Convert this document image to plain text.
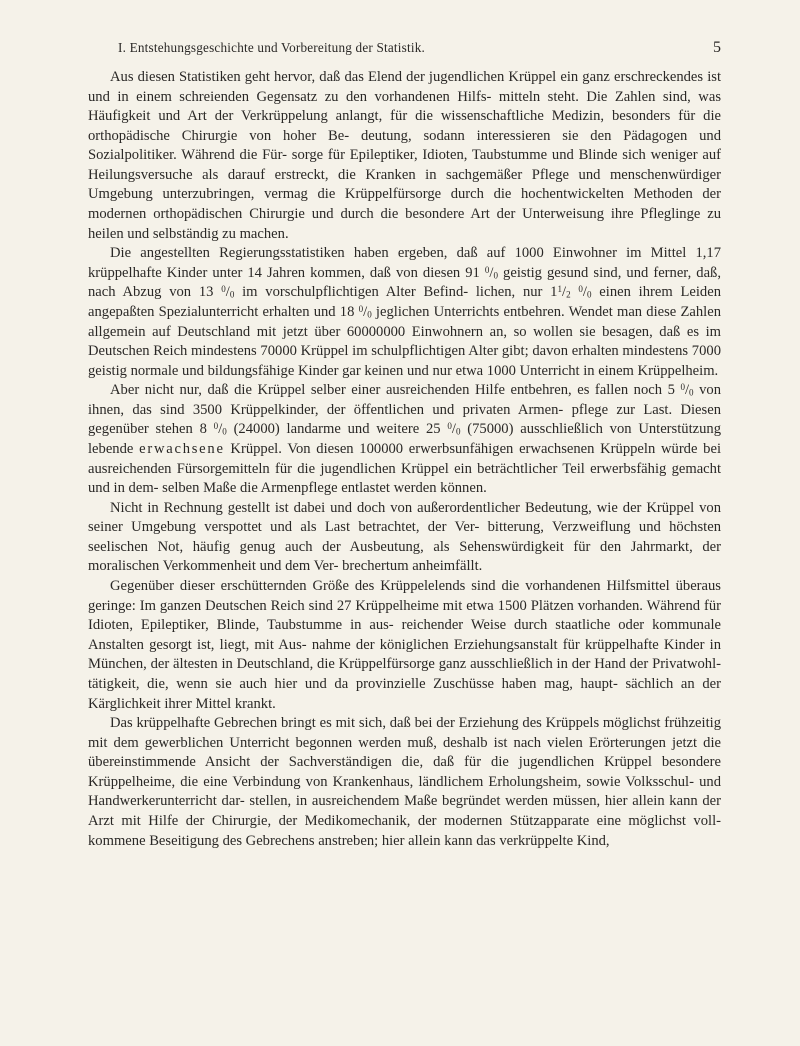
I. Entstehungsgeschichte und Vorbereitung der Statistik.	5

Aus diesen Statistiken geht hervor, daß das Elend der jugendlichen Krüppel ein ganz erschreckendes ist und in einem schreienden Gegensatz zu den vorhandenen Hilfs- mitteln steht. Die Zahlen sind, was Häufigkeit und Art der Verkrüppelung anlangt, für die wissenschaftliche Medizin, besonders für die orthopädische Chirurgie von hoher Be- deutung, sodann interessieren sie den Pädagogen und Sozialpolitiker. Während die Für- sorge für Epileptiker, Idioten, Taubstumme und Blinde sich weniger auf Heilungsversuche als darauf erstreckt, die Kranken in sachgemäßer Pflege und menschenwürdiger Umgebung unterzubringen, vermag die Krüppelfürsorge durch die hochentwickelten Methoden der modernen orthopädischen Chirurgie und durch die besondere Art der Unterweisung ihre Pfleglinge zu heilen und selbständig zu machen.

Die angestellten Regierungsstatistiken haben ergeben, daß auf 1000 Einwohner im Mittel 1,17 krüppelhafte Kinder unter 14 Jahren kommen, daß von diesen 91 $^0/_0$ geistig gesund sind, und ferner, daß, nach Abzug von 13 $^0/_0$ im vorschulpflichtigen Alter Befind- lichen, nur $1^1/_2$ $^0/_0$ einen ihrem Leiden angepaßten Spezialunterricht erhalten und 18 $^0/_0$ jeglichen Unterrichts entbehren. Wendet man diese Zahlen allgemein auf Deutschland mit jetzt über 60000000 Einwohnern an, so wollen sie besagen, daß es im Deutschen Reich mindestens 70000 Krüppel im schulpflichtigen Alter gibt; davon erhalten mindestens 7000 geistig normale und bildungsfähige Kinder gar keinen und nur etwa 1000 Unterricht in einem Krüppelheim.

Aber nicht nur, daß die Krüppel selber einer ausreichenden Hilfe entbehren, es fallen noch 5 $^0/_0$ von ihnen, das sind 3500 Krüppelkinder, der öffentlichen und privaten Armen- pflege zur Last. Diesen gegenüber stehen 8 $^0/_0$ (24000) landarme und weitere 25 $^0/_0$ (75000) ausschließlich von Unterstützung lebende erwachsene Krüppel. Von diesen 100000 erwerbsunfähigen erwachsenen Krüppeln würde bei ausreichenden Fürsorgemitteln für die jugendlichen Krüppel ein beträchtlicher Teil erwerbsfähig gemacht und in dem- selben Maße die Armenpflege entlastet werden können.

Nicht in Rechnung gestellt ist dabei und doch von außerordentlicher Bedeutung, wie der Krüppel von seiner Umgebung verspottet und als Last betrachtet, der Ver- bitterung, Verzweiflung und höchsten seelischen Not, häufig genug auch der Ausbeutung, als Sehenswürdigkeit für den Jahrmarkt, der moralischen Verkommenheit und dem Ver- brechertum anheimfällt.

Gegenüber dieser erschütternden Größe des Krüppelelends sind die vorhandenen Hilfsmittel überaus geringe: Im ganzen Deutschen Reich sind 27 Krüppelheime mit etwa 1500 Plätzen vorhanden. Während für Idioten, Epileptiker, Blinde, Taubstumme in aus- reichender Weise durch staatliche oder kommunale Anstalten gesorgt ist, liegt, mit Aus- nahme der königlichen Erziehungsanstalt für krüppelhafte Kinder in München, der ältesten in Deutschland, die Krüppelfürsorge ganz ausschließlich in der Hand der Privatwohl- tätigkeit, die, wenn sie auch hier und da provinzielle Zuschüsse haben mag, haupt- sächlich an der Kärglichkeit ihrer Mittel krankt.

Das krüppelhafte Gebrechen bringt es mit sich, daß bei der Erziehung des Krüppels möglichst frühzeitig mit dem gewerblichen Unterricht begonnen werden muß, deshalb ist nach vielen Erörterungen jetzt die übereinstimmende Ansicht der Sachverständigen die, daß für die jugendlichen Krüppel besondere Krüppelheime, die eine Verbindung von Krankenhaus, ländlichem Erholungsheim, sowie Volksschul- und Handwerkerunterricht dar- stellen, in ausreichendem Maße begründet werden müssen, hier allein kann der Arzt mit Hilfe der Chirurgie, der Medikomechanik, der modernen Stützapparate eine möglichst voll- kommene Beseitigung des Gebrechens anstreben; hier allein kann das verkrüppelte Kind,
